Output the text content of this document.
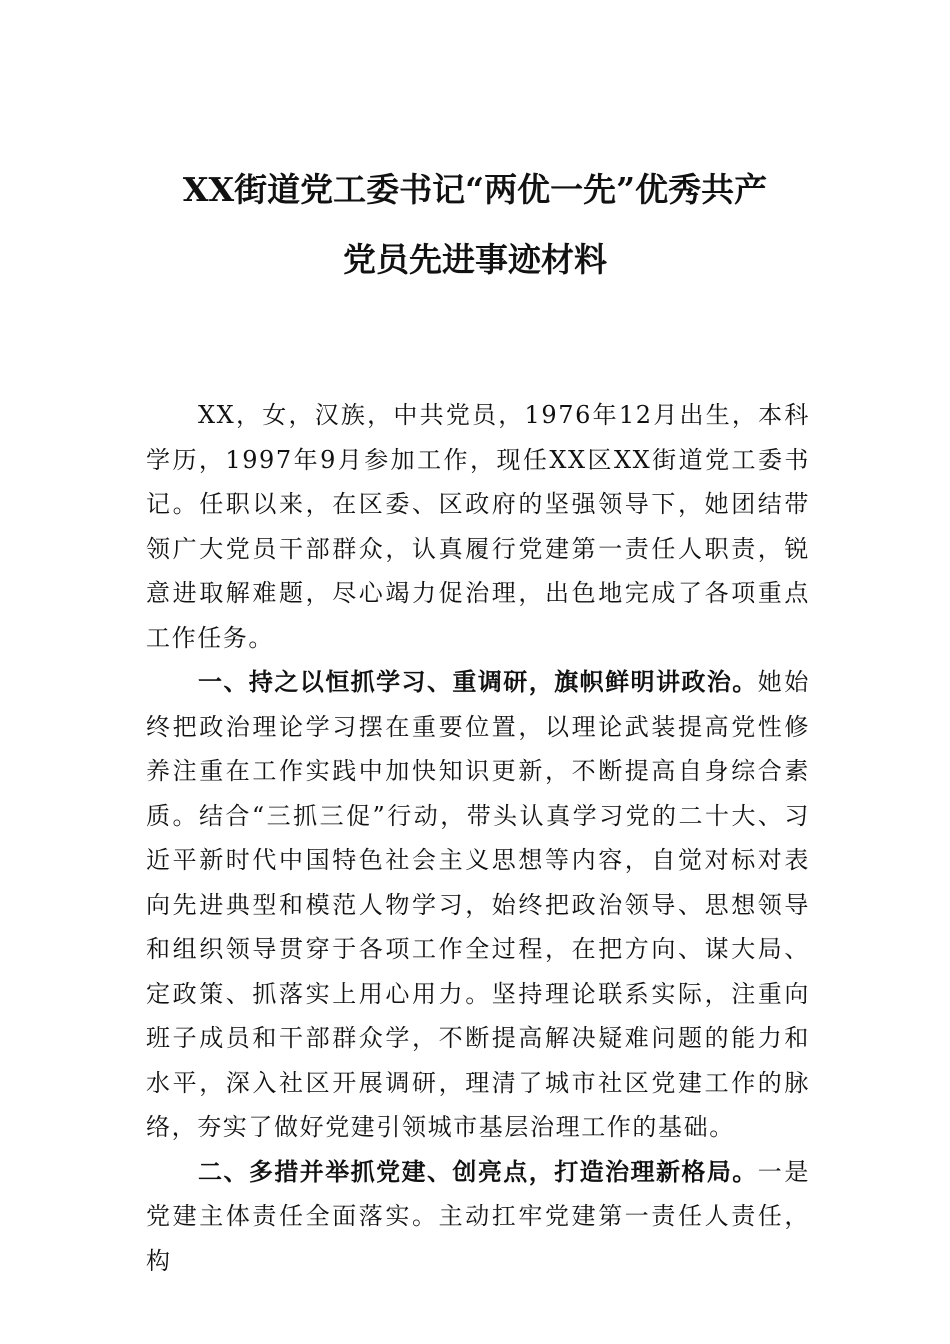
XX街道党工委书记“两优一先”优秀共产
党员先进事迹材料

XX，女，汉族，中共党员，1976年12月出生，本科学历，1997年9月参加工作，现任XX区XX街道党工委书记。任职以来，在区委、区政府的坚强领导下，她团结带领广大党员干部群众，认真履行党建第一责任人职责，锐意进取解难题，尽心竭力促治理，出色地完成了各项重点工作任务。

一、持之以恒抓学习、重调研，旗帜鲜明讲政治。她始终把政治理论学习摆在重要位置，以理论武装提高党性修养注重在工作实践中加快知识更新，不断提高自身综合素质。结合“三抓三促”行动，带头认真学习党的二十大、习近平新时代中国特色社会主义思想等内容，自觉对标对表向先进典型和模范人物学习，始终把政治领导、思想领导和组织领导贯穿于各项工作全过程，在把方向、谋大局、定政策、抓落实上用心用力。坚持理论联系实际，注重向班子成员和干部群众学，不断提高解决疑难问题的能力和水平，深入社区开展调研，理清了城市社区党建工作的脉络，夯实了做好党建引领城市基层治理工作的基础。

二、多措并举抓党建、创亮点，打造治理新格局。一是党建主体责任全面落实。主动扛牢党建第一责任人责任，构
